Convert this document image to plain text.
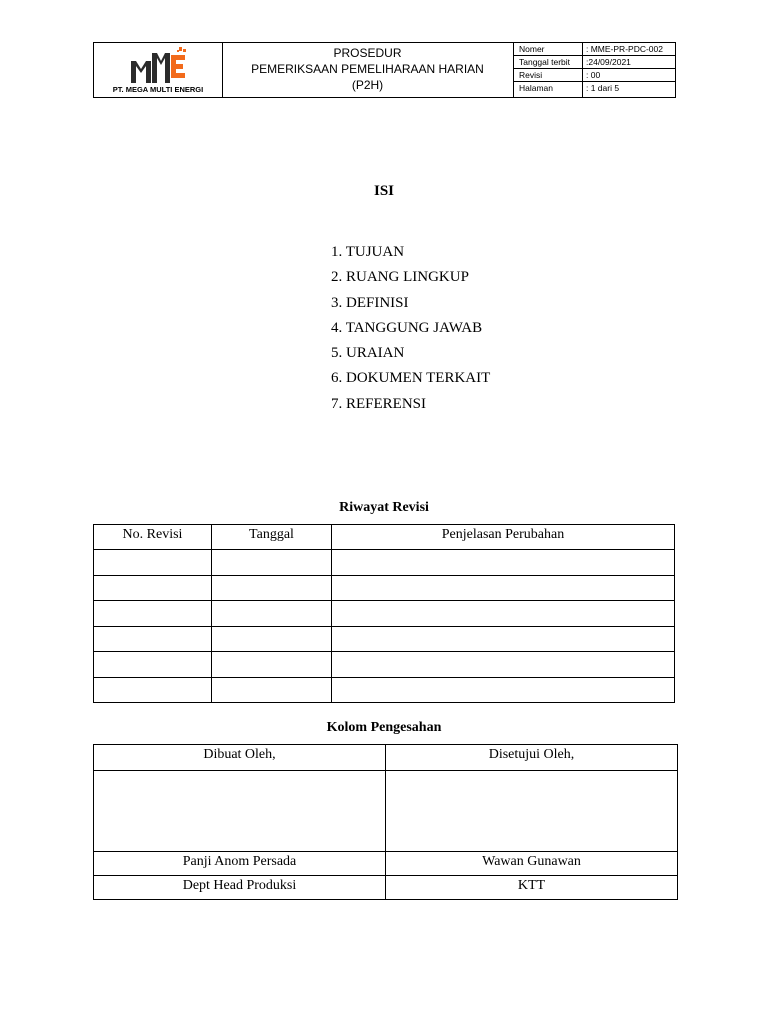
PT. MEGA MULTI ENERGI
PROSEDUR
PEMERIKSAAN PEMELIHARAAN HARIAN
(P2H)
Nomer	: MME-PR-PDC-002
Tanggal terbit :24/09/2021
Revisi	: 00
Halaman	: 1 dari 5
ISI
1. TUJUAN
2. RUANG LINGKUP
3. DEFINISI
4. TANGGUNG JAWAB
5. URAIAN
6. DOKUMEN TERKAIT
7. REFERENSI
Riwayat Revisi
No. Revisi	Tanggal	Penjelasan Perubahan

Kolom Pengesahan
Dibuat Oleh,	Disetujui Oleh,

Panji Anom Persada	Wawan Gunawan
Dept Head Produksi	KTT
